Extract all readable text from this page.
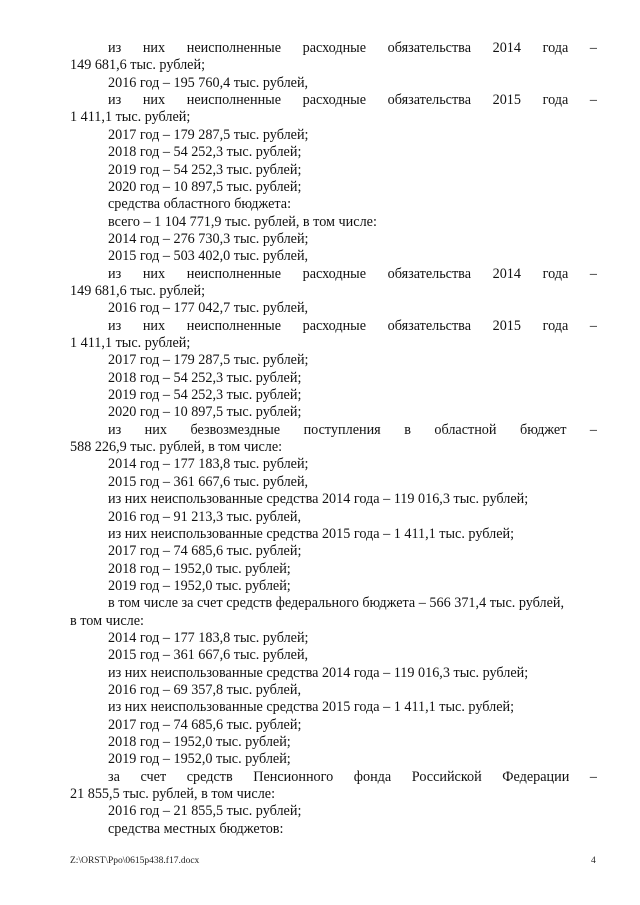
из них неисполненные расходные обязательства 2014 года –
149 681,6 тыс. рублей;
2016 год – 195 760,4 тыс. рублей,
из них неисполненные расходные обязательства 2015 года –
1 411,1 тыс. рублей;
2017 год – 179 287,5 тыс. рублей;
2018 год – 54 252,3 тыс. рублей;
2019 год – 54 252,3 тыс. рублей;
2020 год – 10 897,5 тыс. рублей;
средства областного бюджета:
всего – 1 104 771,9 тыс. рублей, в том числе:
2014 год – 276 730,3 тыс. рублей;
2015 год – 503 402,0 тыс. рублей,
из них неисполненные расходные обязательства 2014 года –
149 681,6 тыс. рублей;
2016 год – 177 042,7 тыс. рублей,
из них неисполненные расходные обязательства 2015 года –
1 411,1 тыс. рублей;
2017 год – 179 287,5 тыс. рублей;
2018 год – 54 252,3 тыс. рублей;
2019 год – 54 252,3 тыс. рублей;
2020 год – 10 897,5 тыс. рублей;
из них безвозмездные поступления в областной бюджет –
588 226,9 тыс. рублей, в том числе:
2014 год – 177 183,8 тыс. рублей;
2015 год – 361 667,6 тыс. рублей,
из них неиспользованные средства 2014 года – 119 016,3 тыс. рублей;
2016 год – 91 213,3 тыс. рублей,
из них неиспользованные средства 2015 года – 1 411,1 тыс. рублей;
2017 год – 74 685,6 тыс. рублей;
2018 год – 1952,0 тыс. рублей;
2019 год – 1952,0 тыс. рублей;
в том числе за счет средств федерального бюджета – 566 371,4 тыс. рублей,
в том числе:
2014 год – 177 183,8 тыс. рублей;
2015 год – 361 667,6 тыс. рублей,
из них неиспользованные средства 2014 года – 119 016,3 тыс. рублей;
2016 год – 69 357,8 тыс. рублей,
из них неиспользованные средства 2015 года – 1 411,1 тыс. рублей;
2017 год – 74 685,6 тыс. рублей;
2018 год – 1952,0 тыс. рублей;
2019 год – 1952,0 тыс. рублей;
за счет средств Пенсионного фонда Российской Федерации –
21 855,5 тыс. рублей, в том числе:
2016 год – 21 855,5 тыс. рублей;
средства местных бюджетов:
Z:\ORST\Ppo\0615p438.f17.docx	4
